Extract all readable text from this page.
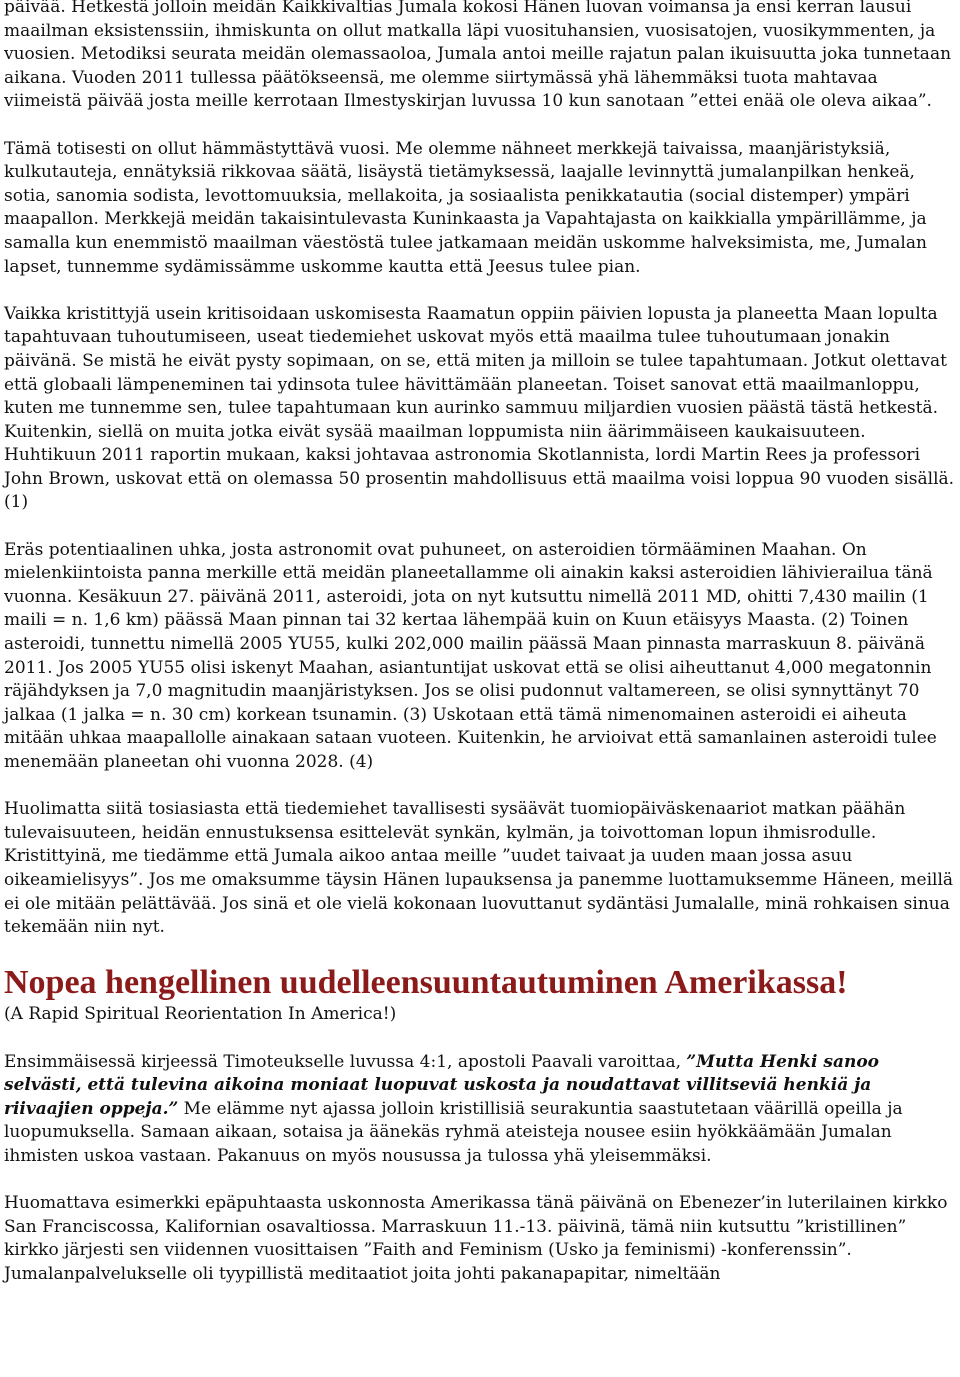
päivää. Hetkestä jolloin meidän Kaikkivaltias Jumala kokosi Hänen luovan voimansa ja ensi kerran lausui maailman eksistenssiin, ihmiskunta on ollut matkalla läpi vuosituhansien, vuosisatojen, vuosikymmenten, ja vuosien. Metodiksi seurata meidän olemassaoloa, Jumala antoi meille rajatun palan ikuisuutta joka tunnetaan aikana. Vuoden 2011 tullessa päätökseensä, me olemme siirtymässä yhä lähemmäksi tuota mahtavaa viimeistä päivää josta meille kerrotaan Ilmestyskirjan luvussa 10 kun sanotaan ”ettei enää ole oleva aikaa”.

Tämä totisesti on ollut hämmästyttävä vuosi. Me olemme nähneet merkkejä taivaissa, maanjäristyksiä, kulkutauteja, ennätyksiä rikkovaa säätä, lisäystä tietämyksessä, laajalle levinnyttä jumalanpilkan henkeä, sotia, sanomia sodista, levottomuuksia, mellakoita, ja sosiaalista penikkatautia (social distemper) ympäri maapallon. Merkkejä meidän takaisintulevasta Kuninkaasta ja Vapahtajasta on kaikkialla ympärillämme, ja samalla kun enemmistö maailman väestöstä tulee jatkamaan meidän uskomme halveksimista, me, Jumalan lapset, tunnemme sydämissämme uskomme kautta että Jeesus tulee pian.

Vaikka kristittyjä usein kritisoidaan uskomisesta Raamatun oppiin päivien lopusta ja planeetta Maan lopulta tapahtuvaan tuhoutumiseen, useat tiedemiehet uskovat myös että maailma tulee tuhoutumaan jonakin päivänä. Se mistä he eivät pysty sopimaan, on se, että miten ja milloin se tulee tapahtumaan. Jotkut olettavat että globaali lämpeneminen tai ydinsota tulee hävittämään planeetan. Toiset sanovat että maailmanloppu, kuten me tunnemme sen, tulee tapahtumaan kun aurinko sammuu miljardien vuosien päästä tästä hetkestä. Kuitenkin, siellä on muita jotka eivät sysää maailman loppumista niin äärimmäiseen kaukaisuuteen. Huhtikuun 2011 raportin mukaan, kaksi johtavaa astronomia Skotlannista, lordi Martin Rees ja professori John Brown, uskovat että on olemassa 50 prosentin mahdollisuus että maailma voisi loppua 90 vuoden sisällä. (1)

Eräs potentiaalinen uhka, josta astronomit ovat puhuneet, on asteroidien törmääminen Maahan. On mielenkiintoista panna merkille että meidän planeetallamme oli ainakin kaksi asteroidien lähivierailua tänä vuonna. Kesäkuun 27. päivänä 2011, asteroidi, jota on nyt kutsuttu nimellä 2011 MD, ohitti 7,430 mailin (1 maili = n. 1,6 km) päässä Maan pinnan tai 32 kertaa lähempää kuin on Kuun etäisyys Maasta. (2) Toinen asteroidi, tunnettu nimellä 2005 YU55, kulki 202,000 mailin päässä Maan pinnasta marraskuun 8. päivänä 2011. Jos 2005 YU55 olisi iskenyt Maahan, asiantuntijat uskovat että se olisi aiheuttanut 4,000 megatonnin räjähdyksen ja 7,0 magnitudin maanjäristyksen. Jos se olisi pudonnut valtamereen, se olisi synnyttänyt 70 jalkaa (1 jalka = n. 30 cm) korkean tsunamin. (3) Uskotaan että tämä nimenomainen asteroidi ei aiheuta mitään uhkaa maapallolle ainakaan sataan vuoteen. Kuitenkin, he arvioivat että samanlainen asteroidi tulee menemään planeetan ohi vuonna 2028. (4)

Huolimatta siitä tosiasiasta että tiedemiehet tavallisesti sysäävät tuomiopäiväskenaariot matkan päähän tulevaisuuteen, heidän ennustuksensa esittelevät synkän, kylmän, ja toivottoman lopun ihmisrodulle. Kristittyinä, me tiedämme että Jumala aikoo antaa meille ”uudet taivaat ja uuden maan jossa asuu oikeamielisyys”. Jos me omaksumme täysin Hänen lupauksensa ja panemme luottamuksemme Häneen, meillä ei ole mitään pelättävää. Jos sinä et ole vielä kokonaan luovuttanut sydäntäsi Jumalalle, minä rohkaisen sinua tekemään niin nyt.

Nopea hengellinen uudelleensuuntautuminen Amerikassa!
(A Rapid Spiritual Reorientation In America!)

Ensimmäisessä kirjeessä Timoteukselle luvussa 4:1, apostoli Paavali varoittaa, ”Mutta Henki sanoo selvästi, että tulevina aikoina moniaat luopuvat uskosta ja noudattavat villitseviä henkiä ja riivaajien oppeja.” Me elämme nyt ajassa jolloin kristillisiä seurakuntia saastutetaan väärillä opeilla ja luopumuksella. Samaan aikaan, sotaisa ja äänekäs ryhmä ateisteja nousee esiin hyökkäämään Jumalan ihmisten uskoa vastaan. Pakanuus on myös nousussa ja tulossa yhä yleisemmäksi.

Huomattava esimerkki epäpuhtaasta uskonnosta Amerikassa tänä päivänä on Ebenezer’in luterilainen kirkko San Franciscossa, Kalifornian osavaltiossa. Marraskuun 11.-13. päivinä, tämä niin kutsuttu ”kristillinen” kirkko järjesti sen viidennen vuosittaisen ”Faith and Feminism (Usko ja feminismi) -konferenssin”. Jumalanpalvelukselle oli tyypillistä meditaatiot joita johti pakanapapitar, nimeltään
